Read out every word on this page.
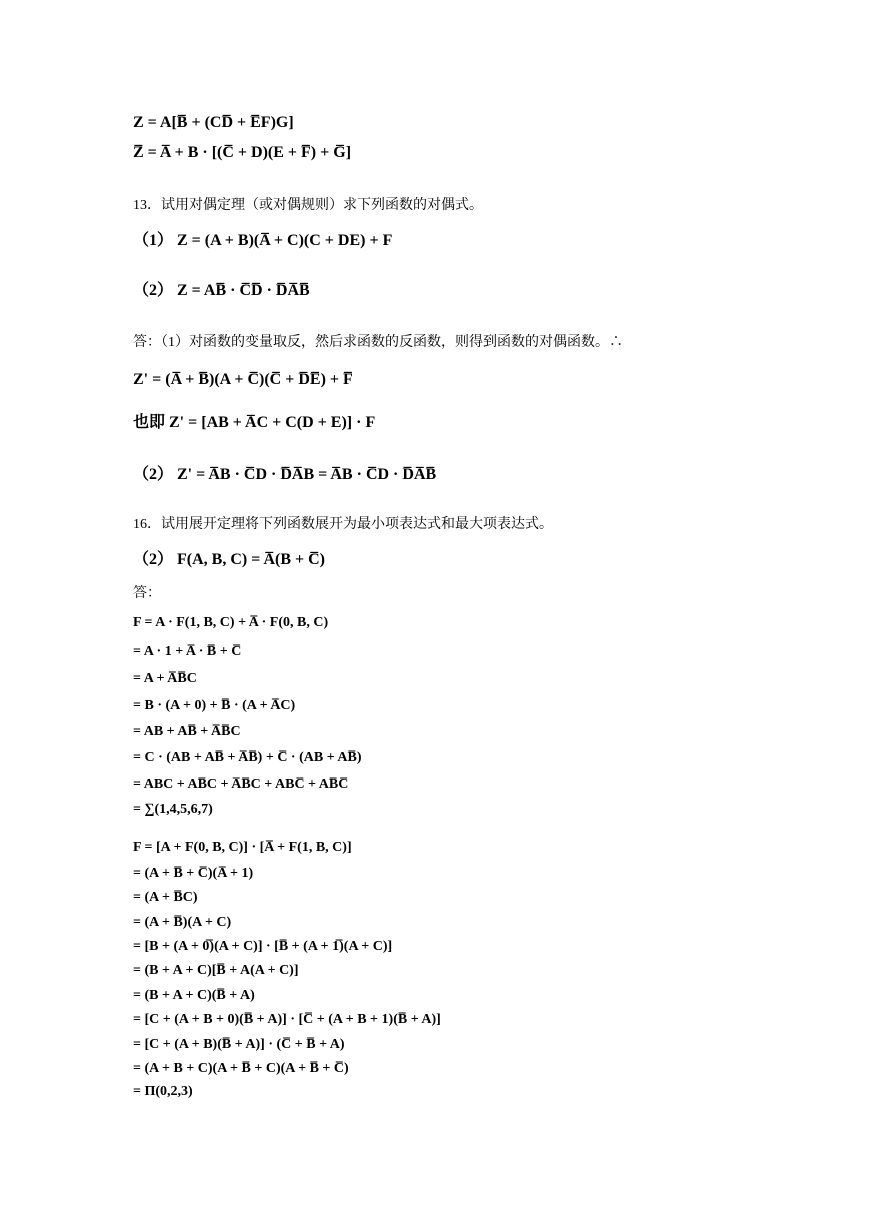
Z = A[B̅ + (CD̅ + E̅F)G]
Z̅ = A̅ + B · [(C̅ + D)(E + F̅) + G̅]
13．试用对偶定理（或对偶规则）求下列函数的对偶式。
（1） Z = (A + B)(A̅ + C)(C + DE) + F
（2） Z = AB̅ · C̅D̅ · D̅A̅B̅
答：（1）对函数的变量取反，然后求函数的反函数，则得到函数的对偶函数。∴
Z' = (A̅ + B̅)(A + C̅)(C̅ + D̅E̅) + F̅
也即 Z' = [AB + A̅C + C(D + E)] · F
（2） Z' = A̅B · C̅D · D̅A̅B = A̅B · C̅D · D̅A̅B̅
16．试用展开定理将下列函数展开为最小项表达式和最大项表达式。
（2） F(A, B, C) = A̅(B + C̅)
答：
F = A · F(1, B, C) + A̅ · F(0, B, C)
= A · 1 + A̅ · B̅ + C̅
= A + A̅B̅C
= B · (A + 0) + B̅ · (A + A̅C)
= AB + AB̅ + A̅B̅C
= C · (AB + AB̅ + A̅B̅) + C̅ · (AB + AB̅)
= ABC + AB̅C + A̅B̅C + ABC̅ + AB̅C̅
= ∑(1,4,5,6,7)
F = [A + F(0, B, C)] · [A̅ + F(1, B, C)]
= (A + B̅ + C̅)(A̅ + 1)
= (A + B̅C)
= (A + B̅)(A + C)
= [B + (A + 0̅)(A + C)] · [B̅ + (A + 1̅)(A + C)]
= (B + A + C)[B̅ + A(A + C)]
= (B + A + C)(B̅ + A)
= [C + (A + B + 0)(B̅ + A)] · [C̅ + (A + B + 1)(B̅ + A)]
= [C + (A + B)(B̅ + A)] · (C̅ + B̅ + A)
= (A + B + C)(A + B̅ + C)(A + B̅ + C̅)
= Π(0,2,3)
